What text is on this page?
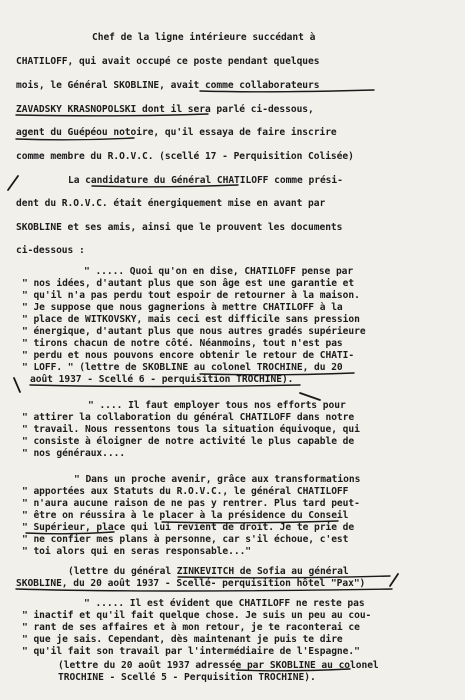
Chef de la ligne intérieure succédant à
CHATILOFF, qui avait occupé ce poste pendant quelques
mois, le Général SKOBLINE, avait comme collaborateurs
ZAVADSKY KRASNOPOLSKI dont il sera parlé ci-dessous,
agent du Guépéou notoire, qu'il essaya de faire inscrire
comme membre du R.O.V.C. (scellé 17 - Perquisition Colisée)
La candidature du Général CHATILOFF comme prési-
dent du R.O.V.C. était énergiquement mise en avant par
SKOBLINE et ses amis, ainsi que le prouvent les documents
ci-dessous :
" ..... Quoi qu'on en dise, CHATILOFF pense par
" nos idées, d'autant plus que son âge est une garantie et
" qu'il n'a pas perdu tout espoir de retourner à la maison.
" Je suppose que nous gagnerions à mettre CHATILOFF à la
" place de WITKOVSKY, mais ceci est difficile sans pression
" énergique, d'autant plus que nous autres gradés supérieure
" tirons chacun de notre côté. Néanmoins, tout n'est pas
" perdu et nous pouvons encore obtenir le retour de CHATI-
" LOFF. " (lettre de SKOBLINE au colonel TROCHINE, du 20
août 1937 - Scellé 6 - perquisition TROCHINE).
" .... Il faut employer tous nos efforts pour
" attirer la collaboration du général CHATILOFF dans notre
" travail. Nous ressentons tous la situation équivoque, qui
" consiste à éloigner de notre activité le plus capable de
" nos généraux....
" Dans un proche avenir, grâce aux transformations
" apportées aux Statuts du R.O.V.C., le général CHATILOFF
" n'aura aucune raison de ne pas y rentrer. Plus tard peut-
" être on réussira à le placer à la présidence du Conseil
" Supérieur, place qui lui revient de droit. Je te prie de
" ne confier mes plans à personne, car s'il échoue, c'est
" toi alors qui en seras responsable..."
(lettre du général ZINKEVITCH de Sofia au général
SKOBLINE, du 20 août 1937 - Scellé- perquisition hôtel "Pax")
" ..... Il est évident que CHATILOFF ne reste pas
" inactif et qu'il fait quelque chose. Je suis un peu au cou-
" rant de ses affaires et à mon retour, je te raconterai ce
" que je sais. Cependant, dès maintenant je puis te dire
" qu'il fait son travail par l'intermédiaire de l'Espagne."
(lettre du 20 août 1937 adressée par SKOBLINE au colonel
TROCHINE - Scellé 5 - Perquisition TROCHINE).
